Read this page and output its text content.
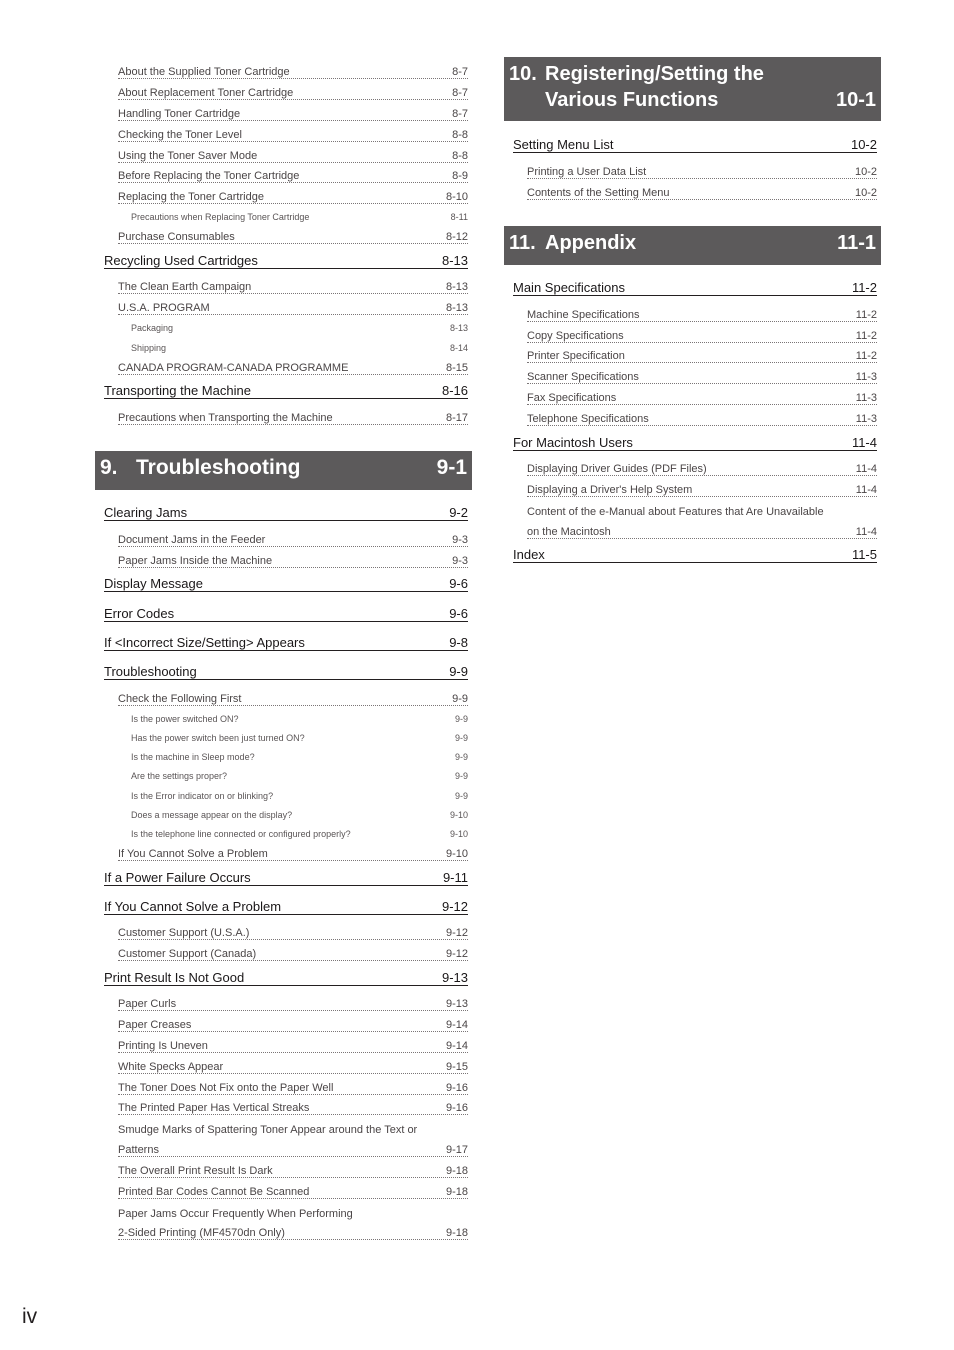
About the Supplied Toner Cartridge	8-7
About Replacement Toner Cartridge	8-7
Handling Toner Cartridge	8-7
Checking the Toner Level	8-8
Using the Toner Saver Mode	8-8
Before Replacing the Toner Cartridge	8-9
Replacing the Toner Cartridge	8-10
Precautions when Replacing Toner Cartridge	8-11
Purchase Consumables	8-12
Recycling Used Cartridges	8-13
The Clean Earth Campaign	8-13
U.S.A. PROGRAM	8-13
Packaging	8-13
Shipping	8-14
CANADA PROGRAM-CANADA PROGRAMME	8-15
Transporting the Machine	8-16
Precautions when Transporting the Machine	8-17
9. Troubleshooting	9-1
Clearing Jams	9-2
Document Jams in the Feeder	9-3
Paper Jams Inside the Machine	9-3
Display Message	9-6
Error Codes	9-6
If <Incorrect Size/Setting> Appears	9-8
Troubleshooting	9-9
Check the Following First	9-9
Is the power switched ON?	9-9
Has the power switch been just turned ON?	9-9
Is the machine in Sleep mode?	9-9
Are the settings proper?	9-9
Is the Error indicator on or blinking?	9-9
Does a message appear on the display?	9-10
Is the telephone line connected or configured properly?	9-10
If You Cannot Solve a Problem	9-10
If a Power Failure Occurs	9-11
If You Cannot Solve a Problem	9-12
Customer Support (U.S.A.)	9-12
Customer Support (Canada)	9-12
Print Result Is Not Good	9-13
Paper Curls	9-13
Paper Creases	9-14
Printing Is Uneven	9-14
White Specks Appear	9-15
The Toner Does Not Fix onto the Paper Well	9-16
The Printed Paper Has Vertical Streaks	9-16
Smudge Marks of Spattering Toner Appear around the Text or
Patterns	9-17
The Overall Print Result Is Dark	9-18
Printed Bar Codes Cannot Be Scanned	9-18
Paper Jams Occur Frequently When Performing
2-Sided Printing (MF4570dn Only)	9-18
10. Registering/Setting the
Various Functions	10-1
Setting Menu List	10-2
Printing a User Data List	10-2
Contents of the Setting Menu	10-2
11. Appendix	11-1
Main Specifications	11-2
Machine Specifications	11-2
Copy Specifications	11-2
Printer Specification	11-2
Scanner Specifications	11-3
Fax Specifications	11-3
Telephone Specifications	11-3
For Macintosh Users	11-4
Displaying Driver Guides (PDF Files)	11-4
Displaying a Driver's Help System	11-4
Content of the e-Manual about Features that Are Unavailable
on the Macintosh	11-4
Index	11-5
iv
